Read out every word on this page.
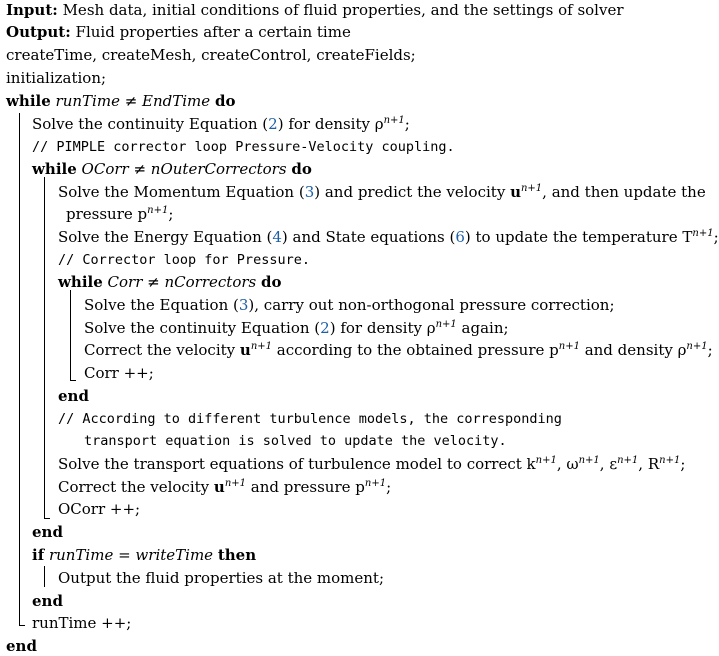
Input: Mesh data, initial conditions of fluid properties, and the settings of solver
Output: Fluid properties after a certain time
createTime, createMesh, createControl, createFields;
initialization;
while runTime ≠ EndTime do
Solve the continuity Equation (2) for density $\rho^{n+1}$;
// PIMPLE corrector loop Pressure-Velocity coupling.
while OCorr ≠ nOuterCorrectors do
Solve the Momentum Equation (3) and predict the velocity $u^{n+1}$, and then update the
pressure $p^{n+1}$;
Solve the Energy Equation (4) and State equations (6) to update the temperature $T^{n+1}$;
// Corrector loop for Pressure.
while Corr ≠ nCorrectors do
Solve the Equation (3), carry out non-orthogonal pressure correction;
Solve the continuity Equation (2) for density $\rho^{n+1}$ again;
Correct the velocity $u^{n+1}$ according to the obtained pressure $p^{n+1}$ and density $\rho^{n+1}$;
Corr ++;
end
// According to different turbulence models, the corresponding
transport equation is solved to update the velocity.
Solve the transport equations of turbulence model to correct $k^{n+1}$, $\omega^{n+1}$, $\varepsilon^{n+1}$, $R^{n+1}$;
Correct the velocity $u^{n+1}$ and pressure $p^{n+1}$;
OCorr ++;
end
if runTime = writeTime then
Output the fluid properties at the moment;
end
runTime ++;
end
